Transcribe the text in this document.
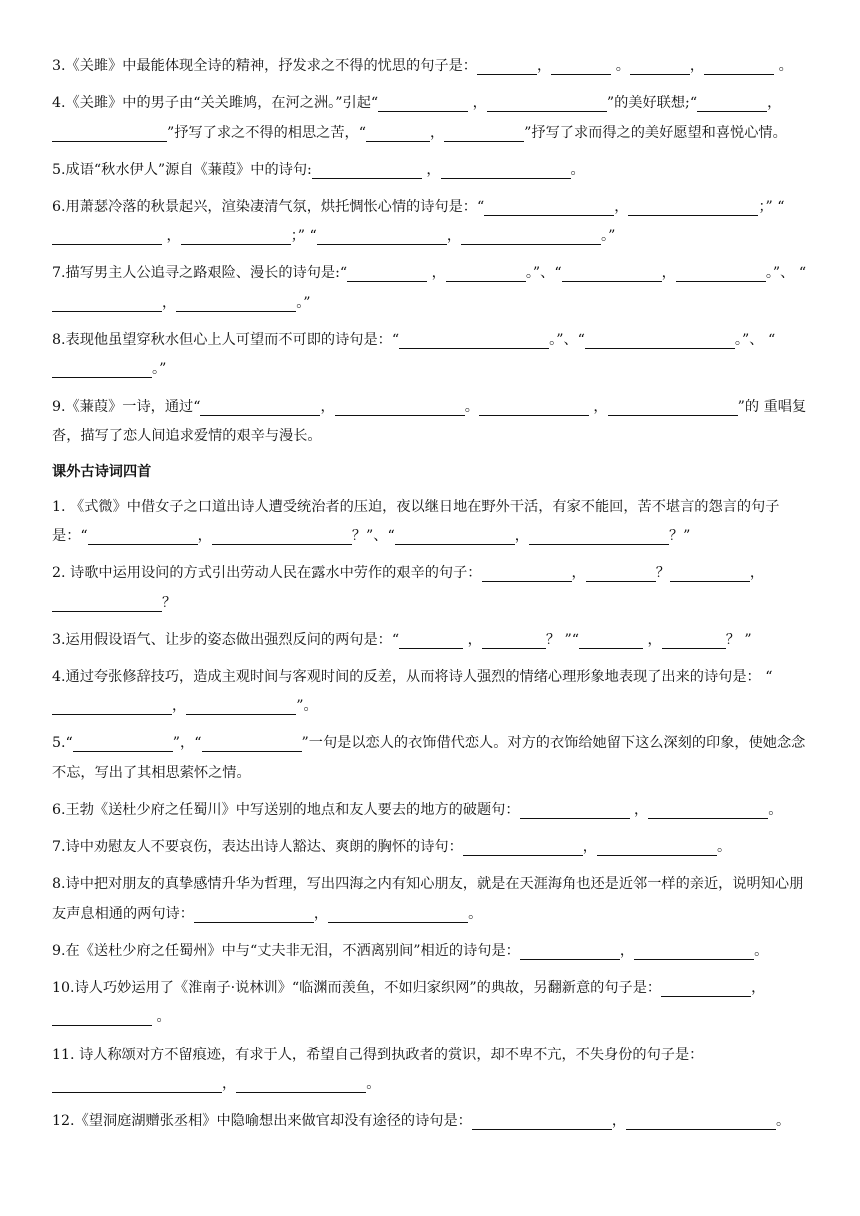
3.《关雎》中最能体现全诗的精神，抒发求之不得的忧思的句子是：	，	。	，	。

4.《关雎》中的男子由“关关雎鸠，在河之洲。”引起“	，	”的美好联想;“	，”抒写了求之不得的相思之苦，“	，	”抒写了求而得之的美好愿望和喜悦心情。

5.成语“秋水伊人”源自《蒹葭》中的诗句:	，	。

6.用萧瑟冷落的秋景起兴，渲染凄清气氛，烘托惆怅心情的诗句是：“	，	；” “ ，	；” “	，	。”

7.描写男主人公追寻之路艰险、漫长的诗句是:“	，	。”、“	，	。”、 “，	。”

8.表现他虽望穿秋水但心上人可望而不可即的诗句是：“	。”、“	。”、 “。”

9.《蒹葭》一诗，通过“	，	。	，	”的 重唱复沓，描写了恋人间追求爱情的艰辛与漫长。

课外古诗词四首

1. 《式微》中借女子之口道出诗人遭受统治者的压迫，夜以继日地在野外干活，有家不能回，苦不堪言的怨言的句子是：“	，	？”、“	，	？”

2. 诗歌中运用设问的方式引出劳动人民在露水中劳作的艰辛的句子：	，	？	，？

3.运用假设语气、让步的姿态做出强烈反问的两句是：“	，	？ ”“	，	？ ”

4.通过夸张修辞技巧，造成主观时间与客观时间的反差，从而将诗人强烈的情绪心理形象地表现了出来的诗句是： “，	”。

5.“	”，“	”一句是以恋人的衣饰借代恋人。对方的衣饰给她留下这么深刻的印象，使她念念不忘，写出了其相思萦怀之情。

6.王勃《送杜少府之任蜀川》中写送别的地点和友人要去的地方的破题句：	，	。

7.诗中劝慰友人不要哀伤，表达出诗人豁达、爽朗的胸怀的诗句：	，	。

8.诗中把对朋友的真挚感情升华为哲理，写出四海之内有知心朋友，就是在天涯海角也还是近邻一样的亲近，说明知心朋友声息相通的两句诗：	，	。

9.在《送杜少府之任蜀州》中与“丈夫非无泪，不洒离别间”相近的诗句是：	，	。

10.诗人巧妙运用了《淮南子·说林训》“临渊而羡鱼，不如归家织网”的典故，另翻新意的句子是：	， 。

11. 诗人称颂对方不留痕迹，有求于人，希望自己得到执政者的赏识，却不卑不亢，不失身份的句子是： ，	。

12.《望洞庭湖赠张丞相》中隐喻想出来做官却没有途径的诗句是：	，	。
